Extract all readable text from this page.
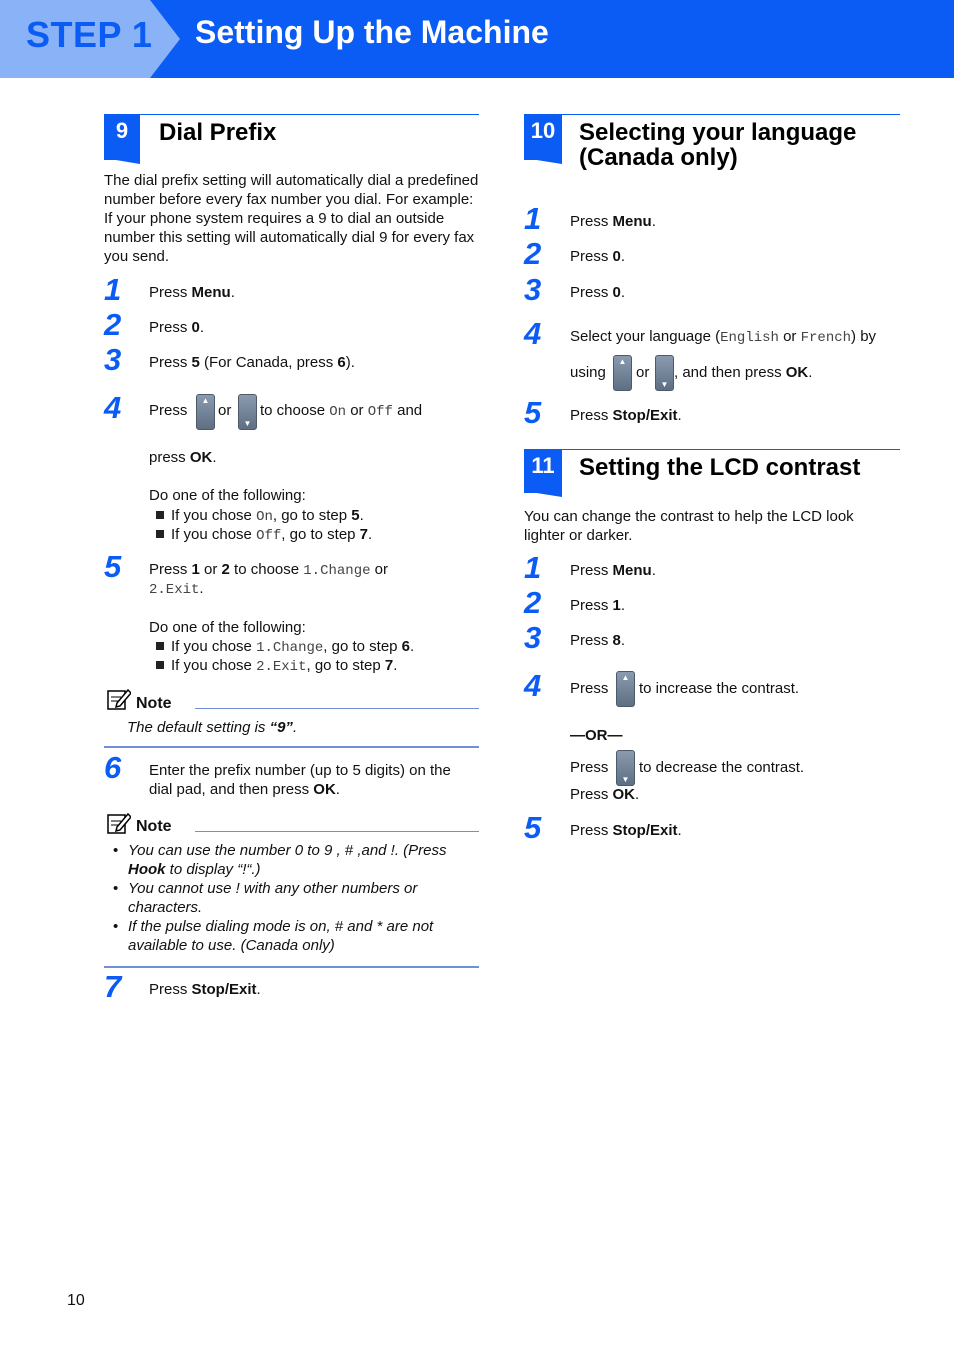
STEP 1 Setting Up the Machine
9	Dial Prefix
The dial prefix setting will automatically dial a predefined number before every fax number you dial. For example: If your phone system requires a 9 to dial an outside number this setting will automatically dial 9 for every fax you send.
1 Press Menu.
2 Press 0.
3 Press 5 (For Canada, press 6).
4 Press
▲
or
▼
to choose On or Off and
press OK.
Do one of the following:
If you chose On, go to step 5.
If you chose Off, go to step 7.
5 Press 1 or 2 to choose 1.Change or
2.Exit.
Do one of the following:
If you chose 1.Change, go to step 6.
If you chose 2.Exit, go to step 7.
Note
The default setting is “9”.
6 Enter the prefix number (up to 5 digits) on the
dial pad, and then press OK.
Note
• You can use the number 0 to 9 , # ,and !. (Press Hook to display “!“.)
• You cannot use ! with any other numbers or characters.
• If the pulse dialing mode is on, # and * are not available to use. (Canada only)
7 Press Stop/Exit.
10 Selecting your language
(Canada only)
1 Press Menu.
2 Press 0.
3 Press 0.
4 Select your language (English or French) by
using
▲
or
▼
, and then press OK.
5 Press Stop/Exit.
11	Setting the LCD contrast
You can change the contrast to help the LCD look lighter or darker.
1 Press Menu.
2 Press 1.
3 Press 8.
4 Press
▲
to increase the contrast.
—OR—
Press
▼
to decrease the contrast.
Press OK.
5 Press Stop/Exit.
10
